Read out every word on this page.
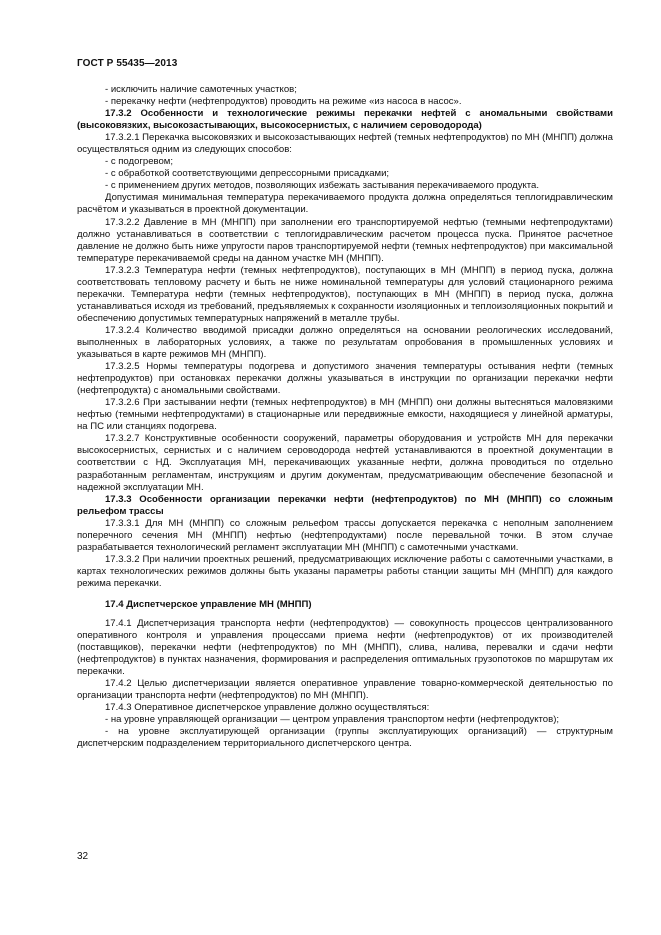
ГОСТ Р 55435—2013

- исключить наличие самотечных участков;

- перекачку нефти (нефтепродуктов) проводить на режиме «из насоса в насос».

17.3.2 Особенности и технологические режимы перекачки нефтей с аномальными свойствами (высоковязких, высокозастывающих, высокосернистых, с наличием сероводорода)

17.3.2.1 Перекачка высоковязких и высокозастывающих нефтей (темных нефтепродуктов) по МН (МНПП) должна осуществляться одним из следующих способов:

- с подогревом;

- с обработкой соответствующими депрессорными присадками;

- с применением других методов, позволяющих избежать застывания перекачиваемого продукта.

Допустимая минимальная температура перекачиваемого продукта должна определяться теплогидравлическим расчётом и указываться в проектной документации.

17.3.2.2 Давление в МН (МНПП) при заполнении его транспортируемой нефтью (темными нефтепродуктами) должно устанавливаться в соответствии с теплогидравлическим расчетом процесса пуска. Принятое расчетное давление не должно быть ниже упругости паров транспортируемой нефти (темных нефтепродуктов) при максимальной температуре перекачиваемой среды на данном участке МН (МНПП).

17.3.2.3 Температура нефти (темных нефтепродуктов), поступающих в МН (МНПП) в период пуска, должна соответствовать тепловому расчету и быть не ниже номинальной температуры для условий стационарного режима перекачки. Температура нефти (темных нефтепродуктов), поступающих в МН (МНПП) в период пуска, должна устанавливаться исходя из требований, предъявляемых к сохранности изоляционных и теплоизоляционных покрытий и обеспечению допустимых температурных напряжений в металле трубы.

17.3.2.4 Количество вводимой присадки должно определяться на основании реологических исследований, выполненных в лабораторных условиях, а также по результатам опробования в промышленных условиях и указываться в карте режимов МН (МНПП).

17.3.2.5 Нормы температуры подогрева и допустимого значения температуры остывания нефти (темных нефтепродуктов) при остановках перекачки должны указываться в инструкции по организации перекачки нефти (нефтепродукта) с аномальными свойствами.

17.3.2.6 При застывании нефти (темных нефтепродуктов) в МН (МНПП) они должны вытесняться маловязкими нефтью (темными нефтепродуктами) в стационарные или передвижные емкости, находящиеся у линейной арматуры, на ПС или станциях подогрева.

17.3.2.7 Конструктивные особенности сооружений, параметры оборудования и устройств МН для перекачки высокосернистых, сернистых и с наличием сероводорода нефтей устанавливаются в проектной документации в соответствии с НД. Эксплуатация МН, перекачивающих указанные нефти, должна проводиться по отдельно разработанным регламентам, инструкциям и другим документам, предусматривающим обеспечение безопасной и надежной эксплуатации МН.

17.3.3 Особенности организации перекачки нефти (нефтепродуктов) по МН (МНПП) со сложным рельефом трассы

17.3.3.1 Для МН (МНПП) со сложным рельефом трассы допускается перекачка с неполным заполнением поперечного сечения МН (МНПП) нефтью (нефтепродуктами) после перевальной точки. В этом случае разрабатывается технологический регламент эксплуатации МН (МНПП) с самотечными участками.

17.3.3.2 При наличии проектных решений, предусматривающих исключение работы с самотечными участками, в картах технологических режимов должны быть указаны параметры работы станции защиты МН (МНПП) для каждого режима перекачки.

17.4 Диспетчерское управление МН (МНПП)

17.4.1 Диспетчеризация транспорта нефти (нефтепродуктов) — совокупность процессов централизованного оперативного контроля и управления процессами приема нефти (нефтепродуктов) от их производителей (поставщиков), перекачки нефти (нефтепродуктов) по МН (МНПП), слива, налива, перевалки и сдачи нефти (нефтепродуктов) в пунктах назначения, формирования и распределения оптимальных грузопотоков по маршрутам их перекачки.

17.4.2 Целью диспетчеризации является оперативное управление товарно-коммерческой деятельностью по организации транспорта нефти (нефтепродуктов) по МН (МНПП).

17.4.3 Оперативное диспетчерское управление должно осуществляться:

- на уровне управляющей организации — центром управления транспортом нефти (нефтепродуктов);

- на уровне эксплуатирующей организации (группы эксплуатирующих организаций) — структурным диспетчерским подразделением территориального диспетчерского центра.

32
